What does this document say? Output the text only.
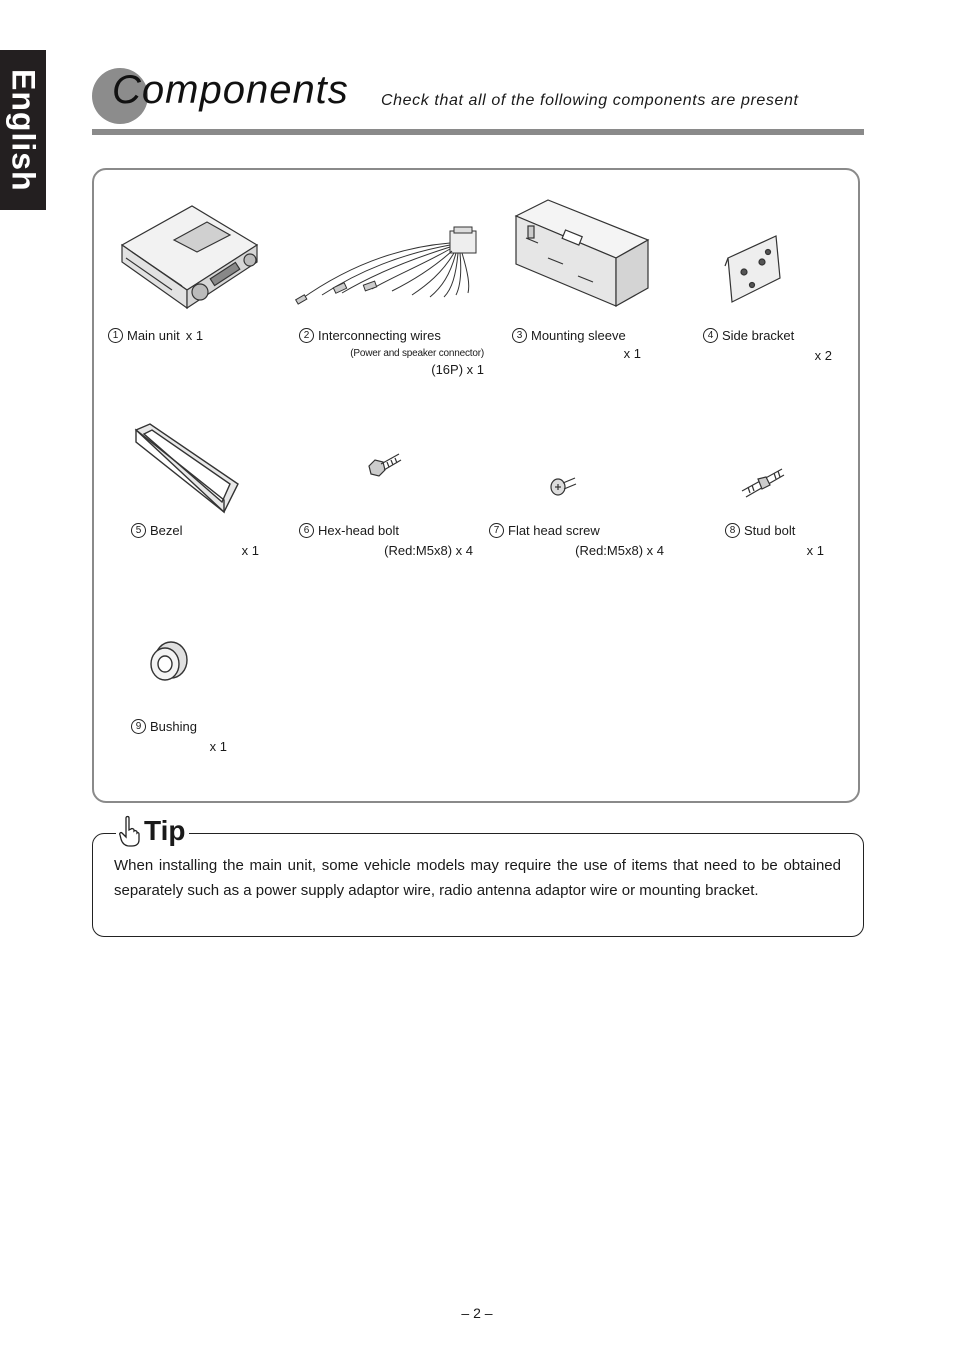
English Components Check that all of the following components are present
1 Main unit x 1	2 Interconnecting wires
(Power and speaker connector)
(16P) x 1
3 Mounting sleeve
x 1
4 Side bracket
x 2
5 Bezel
x 1
6 Hex-head bolt
(Red:M5x8) x 4
7 Flat head screw
(Red:M5x8) x 4
8 Stud bolt
x 1
9 Bushing
x 1
Tip
When installing the main unit, some vehicle models may require the use of items that need to be obtained separately such as a power supply adaptor wire, radio antenna adaptor wire or mounting bracket.
– 2 –
